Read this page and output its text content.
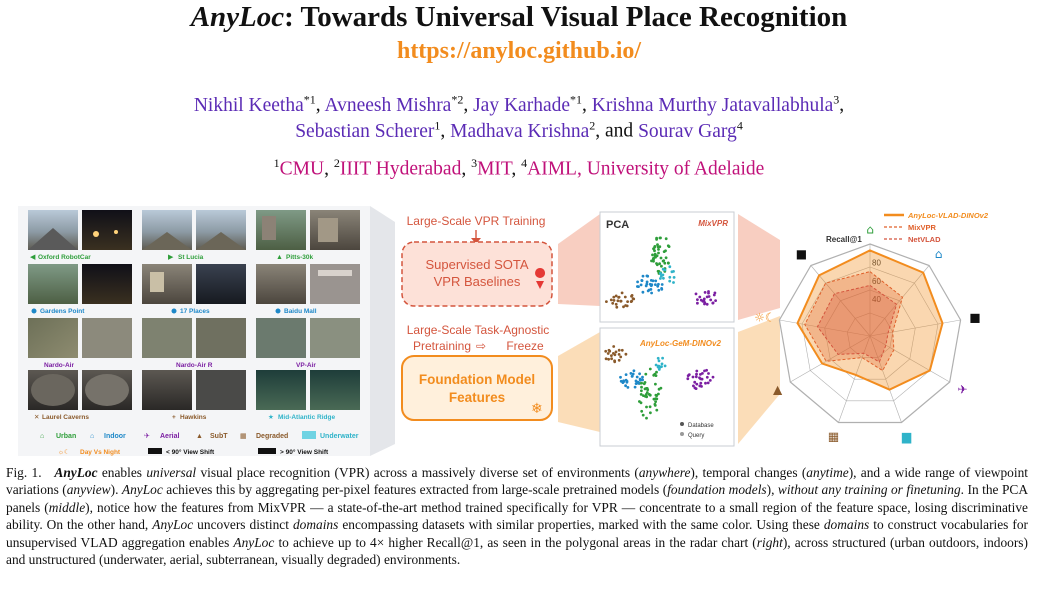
AnyLoc: Towards Universal Visual Place Recognition
https://anyloc.github.io/
Nikhil Keetha$^{*1}$, Avneesh Mishra$^{*2}$, Jay Karhade$^{*1}$, Krishna Murthy Jatavallabhula$^3$,
Sebastian Scherer$^1$, Madhava Krishna$^2$, and Sourav Garg$^4$
$^1$CMU, $^2$IIIT Hyderabad, $^3$MIT, $^4$AIML, University of Adelaide
Oxford RobotCar
◀	St Lucia
▶	Pitts-30k
▲
Gardens Point	17 Places	Baidu Mall
Nardo-Air	Nardo-Air R	VP-Air
Laurel Caverns
✕	Hawkins
+	Mid-Atlantic Ridge
★
⌂ Urban ⌂ Indoor	✈ Aerial ▲ SubT ▦ Degraded	Underwater
☼☾ Day Vs Night	< 90° View Shift	> 90° View Shift
Large-Scale VPR Training
Supervised SOTA
VPR Baselines
Large-Scale Task-Agnostic
Pretraining ⇨ Freeze
Foundation Model
Features
❄
PCA	MixVPR
AnyLoc-GeM-DINOv2
Database
Query
⌂
⌂
■
✈
▆
▦
▲
☼☾
■
AnyLoc-VLAD-DINOv2
MixVPR
NetVLAD
Recall@1
Fig. 1. AnyLoc enables universal visual place recognition (VPR) across a massively diverse set of environments (anywhere), temporal changes (anytime), and a wide range of viewpoint variations (anyview). AnyLoc achieves this by aggregating per-pixel features extracted from large-scale pretrained models (foundation models), without any training or finetuning. In the PCA panels (middle), notice how the features from MixVPR — a state-of-the-art method trained specifically for VPR — concentrate to a small region of the feature space, losing discriminative ability. On the other hand, AnyLoc uncovers distinct domains encompassing datasets with similar properties, marked with the same color. Using these domains to construct vocabularies for unsupervised VLAD aggregation enables AnyLoc to achieve up to 4× higher Recall@1, as seen in the polygonal areas in the radar chart (right), across structured (urban outdoors, indoors) and unstructured (underwater, aerial, subterranean, visually degraded) environments.
